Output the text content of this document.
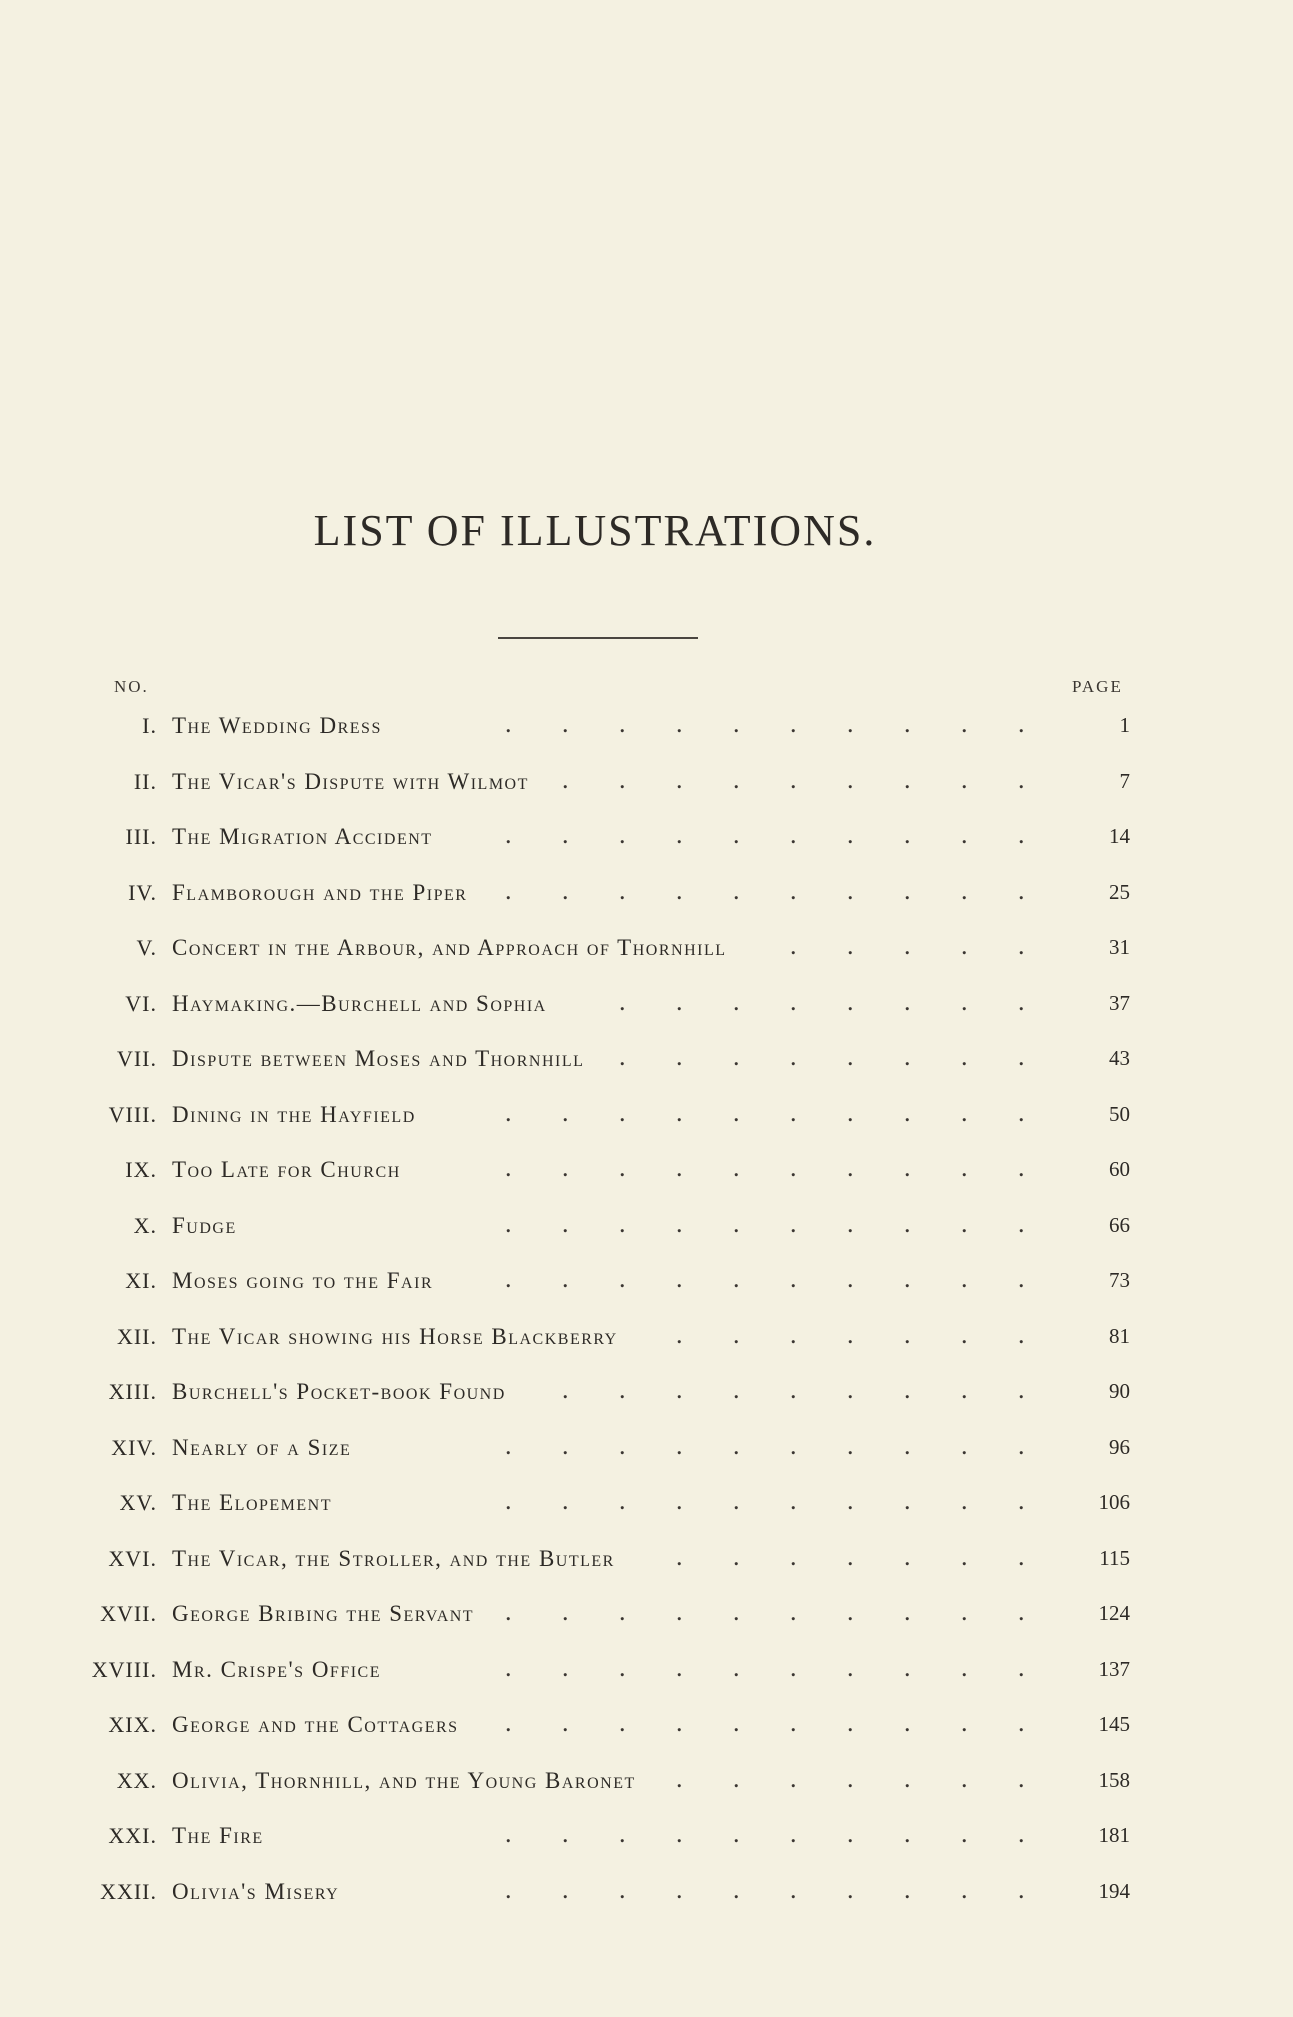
LIST OF ILLUSTRATIONS.
NO.	PAGE
I. The Wedding Dress	. . . . . . . . . .	1
II. The Vicar's Dispute with Wilmot . . . . . . . . .	7
III. The Migration Accident	. . . . . . . . . .	14
IV. Flamborough and the Piper . . . . . . . . . .	25
V. Concert in the Arbour, and Approach of Thornhill . . . . .	31
VI. Haymaking.—Burchell and Sophia	. . . . . . . .	37
VII. Dispute between Moses and Thornhill . . . . . . . .	43
VIII. Dining in the Hayfield	. . . . . . . . . .	50
IX. Too Late for Church	. . . . . . . . . .	60
X. Fudge	. . . . . . . . . .	66
XI. Moses going to the Fair	. . . . . . . . . .	73
XII. The Vicar showing his Horse Blackberry . . . . . . .	81
XIII. Burchell's Pocket-book Found . . . . . . . . .	90
XIV. Nearly of a Size	. . . . . . . . . .	96
XV. The Elopement	. . . . . . . . . .	106
XVI. The Vicar, the Stroller, and the Butler . . . . . . .	115
XVII. George Bribing the Servant . . . . . . . . . .	124
XVIII. Mr. Crispe's Office	. . . . . . . . . .	137
XIX. George and the Cottagers . . . . . . . . . .	145
XX. Olivia, Thornhill, and the Young Baronet . . . . . . .	158
XXI. The Fire	. . . . . . . . . .	181
XXII. Olivia's Misery	. . . . . . . . . .	194
